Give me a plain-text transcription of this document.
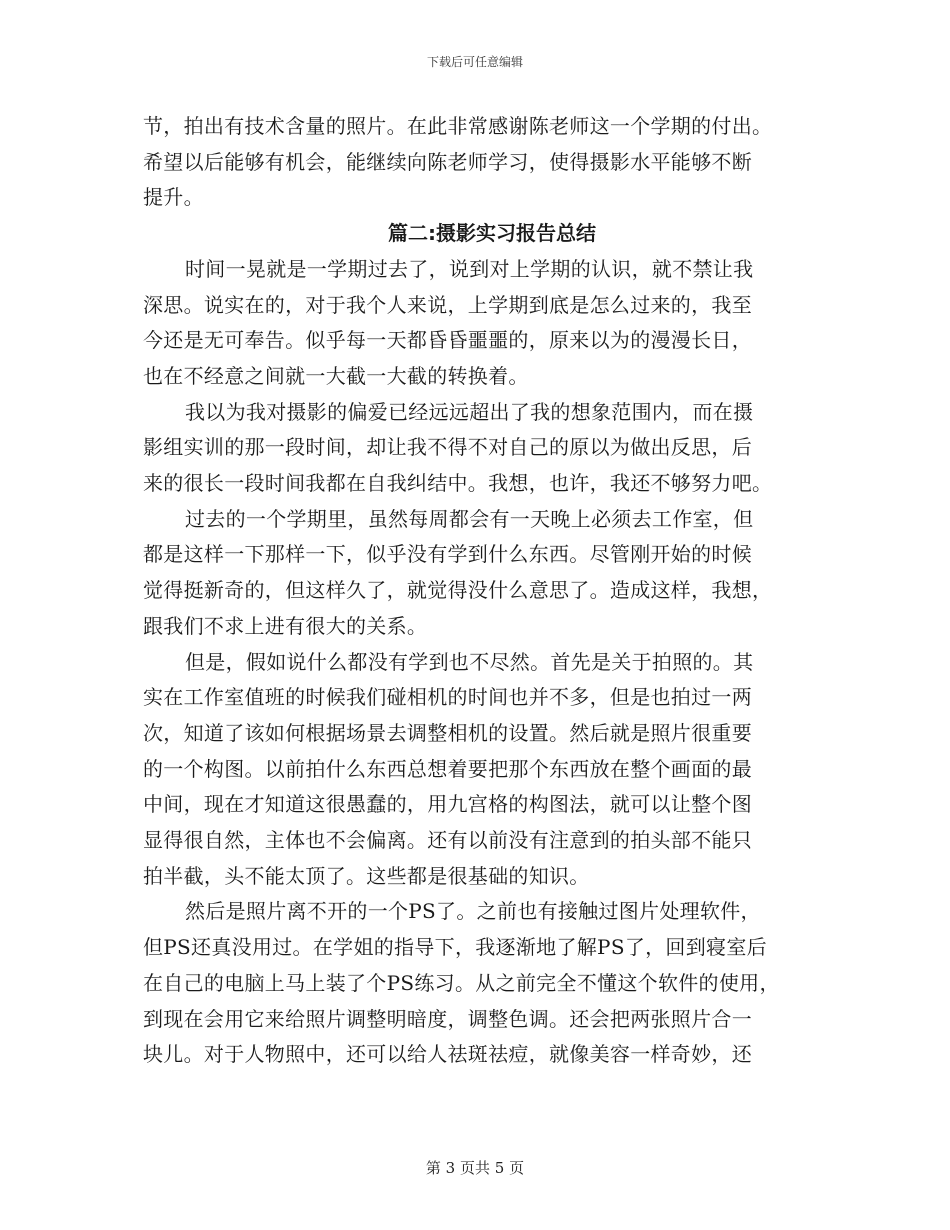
下载后可任意编辑
节，拍出有技术含量的照片。在此非常感谢陈老师这一个学期的付出。
希望以后能够有机会，能继续向陈老师学习，使得摄影水平能够不断
提升。
篇二:摄影实习报告总结
时间一晃就是一学期过去了，说到对上学期的认识，就不禁让我
深思。说实在的，对于我个人来说，上学期到底是怎么过来的，我至
今还是无可奉告。似乎每一天都昏昏噩噩的，原来以为的漫漫长日，
也在不经意之间就一大截一大截的转换着。
我以为我对摄影的偏爱已经远远超出了我的想象范围内，而在摄
影组实训的那一段时间，却让我不得不对自己的原以为做出反思，后
来的很长一段时间我都在自我纠结中。我想，也许，我还不够努力吧。
过去的一个学期里，虽然每周都会有一天晚上必须去工作室，但
都是这样一下那样一下，似乎没有学到什么东西。尽管刚开始的时候
觉得挺新奇的，但这样久了，就觉得没什么意思了。造成这样，我想，
跟我们不求上进有很大的关系。
但是，假如说什么都没有学到也不尽然。首先是关于拍照的。其
实在工作室值班的时候我们碰相机的时间也并不多，但是也拍过一两
次，知道了该如何根据场景去调整相机的设置。然后就是照片很重要
的一个构图。以前拍什么东西总想着要把那个东西放在整个画面的最
中间，现在才知道这很愚蠢的，用九宫格的构图法，就可以让整个图
显得很自然，主体也不会偏离。还有以前没有注意到的拍头部不能只
拍半截，头不能太顶了。这些都是很基础的知识。
然后是照片离不开的一个PS了。之前也有接触过图片处理软件，
但PS还真没用过。在学姐的指导下，我逐渐地了解PS了，回到寝室后
在自己的电脑上马上装了个PS练习。从之前完全不懂这个软件的使用，
到现在会用它来给照片调整明暗度，调整色调。还会把两张照片合一
块儿。对于人物照中，还可以给人祛斑祛痘，就像美容一样奇妙，还
第 3 页共 5 页
